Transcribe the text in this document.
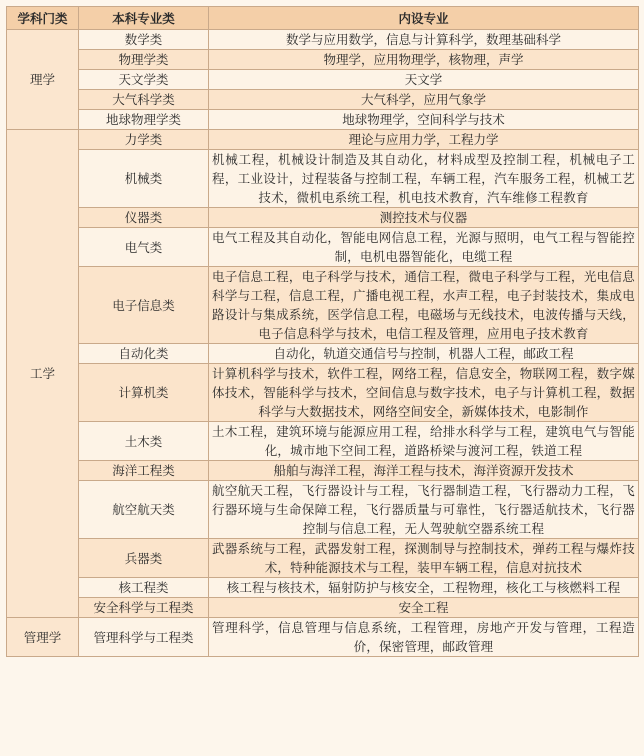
学科门类	本科专业类	内设专业
理学	数学类	数学与应用数学，信息与计算科学，数理基础科学
	物理学类	物理学，应用物理学，核物理，声学
	天文学类	天文学
	大气科学类	大气科学，应用气象学
	地球物理学类	地球物理学，空间科学与技术
工学	力学类	理论与应用力学，工程力学
	机械类	机械工程，机械设计制造及其自动化，材料成型及控制工程，机械电子工程，工业设计，过程装备与控制工程，车辆工程，汽车服务工程，机械工艺技术，微机电系统工程，机电技术教育，汽车维修工程教育
	仪器类	测控技术与仪器
	电气类	电气工程及其自动化，智能电网信息工程，光源与照明，电气工程与智能控制，电机电器智能化，电缆工程
	电子信息类	电子信息工程，电子科学与技术，通信工程，微电子科学与工程，光电信息科学与工程，信息工程，广播电视工程，水声工程，电子封装技术，集成电路设计与集成系统，医学信息工程，电磁场与无线技术，电波传播与天线，电子信息科学与技术，电信工程及管理，应用电子技术教育
	自动化类	自动化，轨道交通信号与控制，机器人工程，邮政工程
	计算机类	计算机科学与技术，软件工程，网络工程，信息安全，物联网工程，数字媒体技术，智能科学与技术，空间信息与数字技术，电子与计算机工程，数据科学与大数据技术，网络空间安全，新媒体技术，电影制作
	土木类	土木工程，建筑环境与能源应用工程，给排水科学与工程，建筑电气与智能化，城市地下空间工程，道路桥梁与渡河工程，铁道工程
	海洋工程类	船舶与海洋工程，海洋工程与技术，海洋资源开发技术
	航空航天类	航空航天工程，飞行器设计与工程，飞行器制造工程，飞行器动力工程，飞行器环境与生命保障工程，飞行器质量与可靠性，飞行器适航技术，飞行器控制与信息工程，无人驾驶航空器系统工程
	兵器类	武器系统与工程，武器发射工程，探测制导与控制技术，弹药工程与爆炸技术，特种能源技术与工程，装甲车辆工程，信息对抗技术
	核工程类	核工程与核技术，辐射防护与核安全，工程物理，核化工与核燃料工程
	安全科学与工程类	安全工程
管理学	管理科学与工程类	管理科学，信息管理与信息系统，工程管理，房地产开发与管理，工程造价，保密管理，邮政管理
